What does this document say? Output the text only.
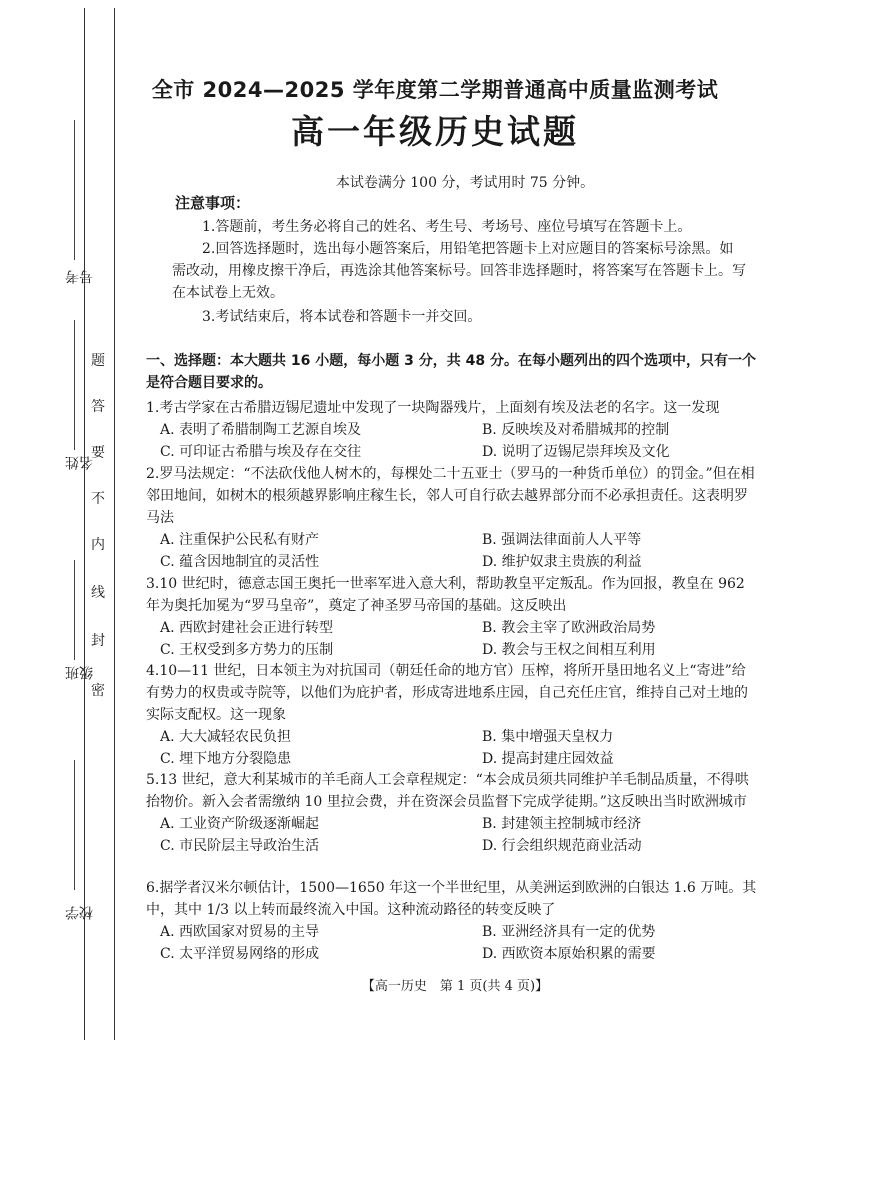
考号
姓名
班级
学校
题
答
要
不
内
线
封
密
全市 2024—2025 学年度第二学期普通高中质量监测考试
高一年级历史试题
本试卷满分 100 分，考试用时 75 分钟。
注意事项：
1.答题前，考生务必将自己的姓名、考生号、考场号、座位号填写在答题卡上。
2.回答选择题时，选出每小题答案后，用铅笔把答题卡上对应题目的答案标号涂黑。如需改动，用橡皮擦干净后，再选涂其他答案标号。回答非选择题时，将答案写在答题卡上。写在本试卷上无效。
3.考试结束后，将本试卷和答题卡一并交回。
一、选择题：本大题共 16 小题，每小题 3 分，共 48 分。在每小题列出的四个选项中，只有一个是符合题目要求的。
1.考古学家在古希腊迈锡尼遗址中发现了一块陶器残片，上面刻有埃及法老的名字。这一发现
A. 表明了希腊制陶工艺源自埃及	B. 反映埃及对希腊城邦的控制
C. 可印证古希腊与埃及存在交往	D. 说明了迈锡尼崇拜埃及文化
2.罗马法规定：“不法砍伐他人树木的，每棵处二十五亚士（罗马的一种货币单位）的罚金。”但在相邻田地间，如树木的根须越界影响庄稼生长，邻人可自行砍去越界部分而不必承担责任。这表明罗马法
A. 注重保护公民私有财产	B. 强调法律面前人人平等
C. 蕴含因地制宜的灵活性	D. 维护奴隶主贵族的利益
3.10 世纪时，德意志国王奥托一世率军进入意大利，帮助教皇平定叛乱。作为回报，教皇在 962 年为奥托加冕为“罗马皇帝”，奠定了神圣罗马帝国的基础。这反映出
A. 西欧封建社会正进行转型	B. 教会主宰了欧洲政治局势
C. 王权受到多方势力的压制	D. 教会与王权之间相互利用
4.10—11 世纪，日本领主为对抗国司（朝廷任命的地方官）压榨，将所开垦田地名义上“寄进”给有势力的权贵或寺院等，以他们为庇护者，形成寄进地系庄园，自己充任庄官，维持自己对土地的实际支配权。这一现象
A. 大大减轻农民负担	B. 集中增强天皇权力
C. 埋下地方分裂隐患	D. 提高封建庄园效益
5.13 世纪，意大利某城市的羊毛商人工会章程规定：“本会成员须共同维护羊毛制品质量，不得哄抬物价。新入会者需缴纳 10 里拉会费，并在资深会员监督下完成学徒期。”这反映出当时欧洲城市
A. 工业资产阶级逐渐崛起	B. 封建领主控制城市经济
C. 市民阶层主导政治生活	D. 行会组织规范商业活动
6.据学者汉米尔顿估计，1500—1650 年这一个半世纪里，从美洲运到欧洲的白银达 1.6 万吨。其中，其中 1/3 以上转而最终流入中国。这种流动路径的转变反映了
A. 西欧国家对贸易的主导	B. 亚洲经济具有一定的优势
C. 太平洋贸易网络的形成	D. 西欧资本原始积累的需要
【高一历史　第 1 页(共 4 页)】
